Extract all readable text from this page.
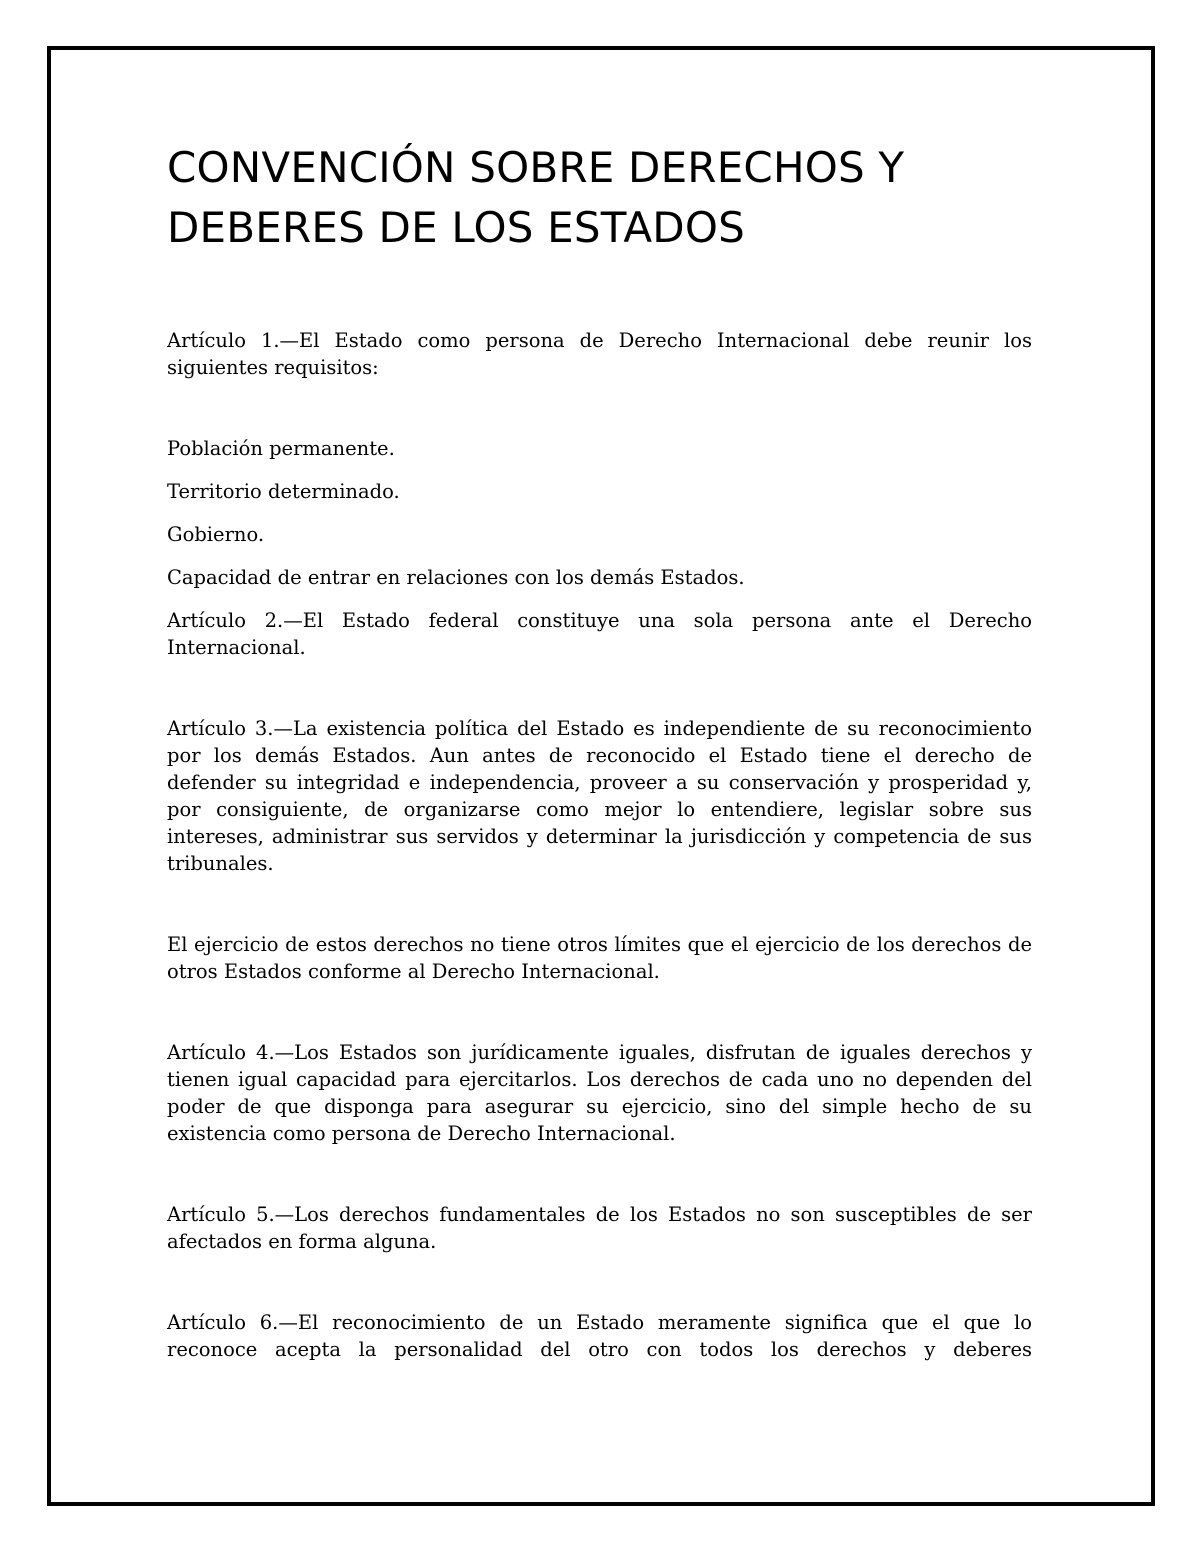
CONVENCIÓN SOBRE DERECHOS Y DEBERES DE LOS ESTADOS

Artículo 1.—El Estado como persona de Derecho Internacional debe reunir los siguientes requisitos:

Población permanente.

Territorio determinado.

Gobierno.

Capacidad de entrar en relaciones con los demás Estados.

Artículo 2.—El Estado federal constituye una sola persona ante el Derecho Internacional.

Artículo 3.—La existencia política del Estado es independiente de su reconocimiento por los demás Estados. Aun antes de reconocido el Estado tiene el derecho de defender su integridad e independencia, proveer a su conservación y prosperidad y, por consiguiente, de organizarse como mejor lo entendiere, legislar sobre sus intereses, administrar sus servidos y determinar la jurisdicción y competencia de sus tribunales.

El ejercicio de estos derechos no tiene otros límites que el ejercicio de los derechos de otros Estados conforme al Derecho Internacional.

Artículo 4.—Los Estados son jurídicamente iguales, disfrutan de iguales derechos y tienen igual capacidad para ejercitarlos. Los derechos de cada uno no dependen del poder de que disponga para asegurar su ejercicio, sino del simple hecho de su existencia como persona de Derecho Internacional.

Artículo 5.—Los derechos fundamentales de los Estados no son susceptibles de ser afectados en forma alguna.

Artículo 6.—El reconocimiento de un Estado meramente significa que el que lo reconoce acepta la personalidad del otro con todos los derechos y deberes
